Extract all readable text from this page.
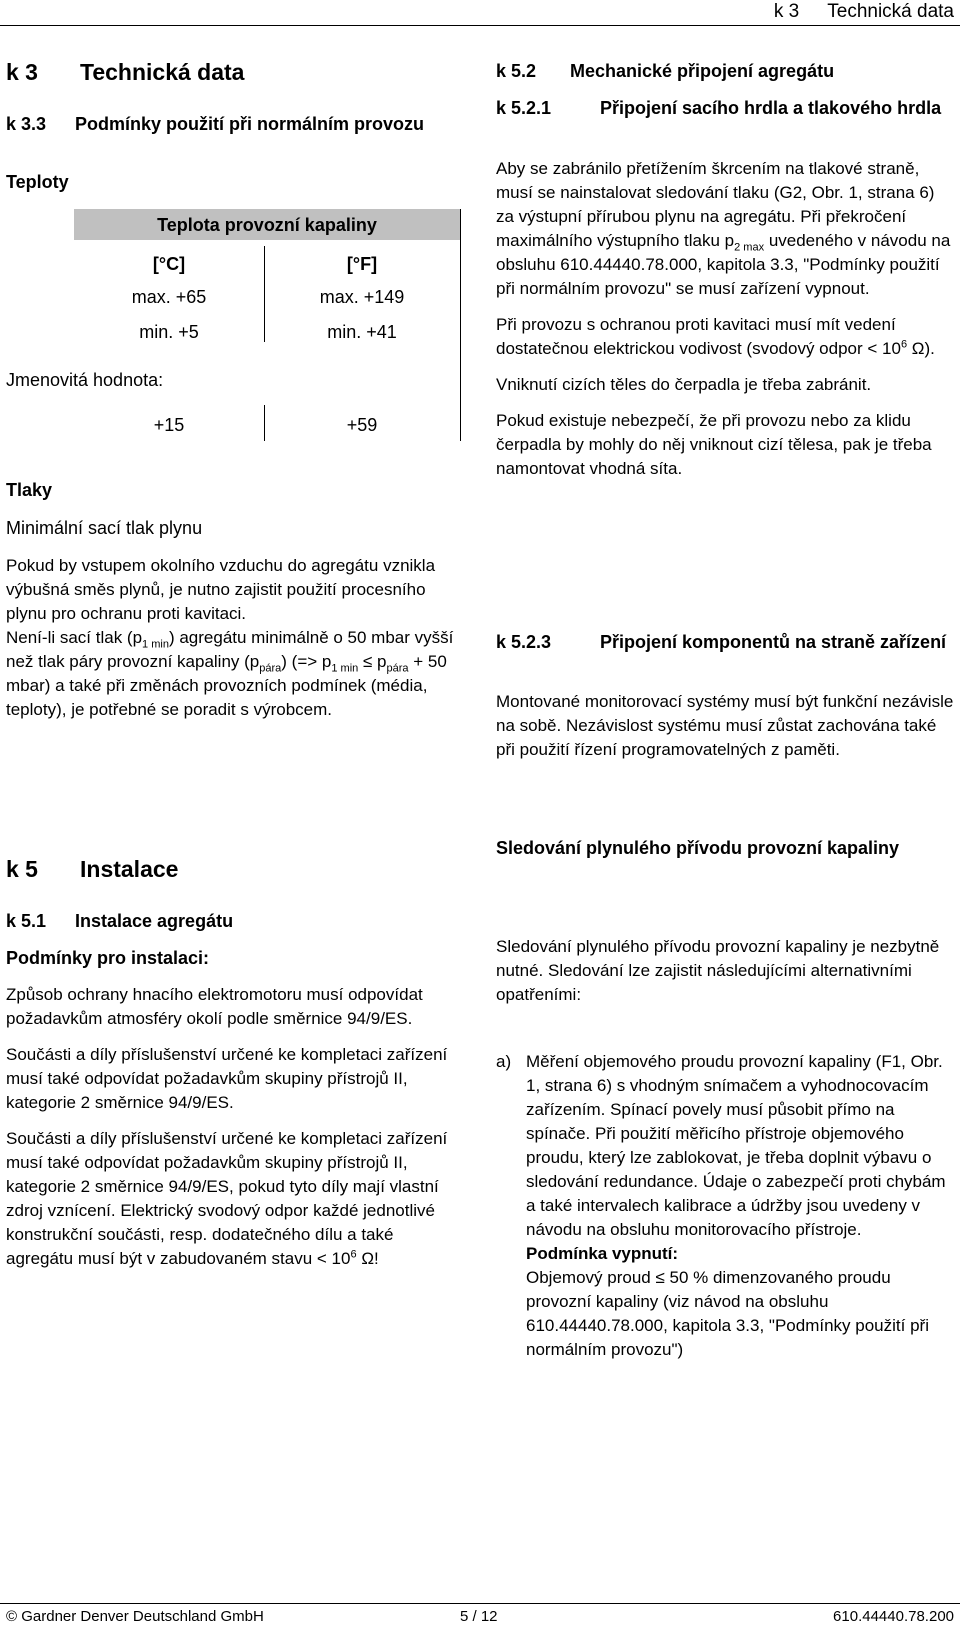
k 3 Technická data
k 3 Technická data
k 3.3 Podmínky použití při normálním provozu
Teploty
Teplota provozní kapaliny
[°C]	[°F]
max. +65	max. +149
min. +5	min. +41
Jmenovitá hodnota:
+15	+59
Tlaky
Minimální sací tlak plynu

Pokud by vstupem okolního vzduchu do agregátu vznikla výbušná směs plynů, je nutno zajistit použití procesního plynu pro ochranu proti kavitaci.

Není-li sací tlak $(p_{1 min})$ agregátu minimálně o 50 mbar vyšší než tlak páry provozní kapaliny $(p_{pára})$ (=> $p_{1 min} \le p_{pára} + 50$ mbar) a také při změnách provozních podmínek (média, teploty), je potřebné se poradit s výrobcem.

k 5 Instalace
k 5.1 Instalace agregátu
Podmínky pro instalaci:

Způsob ochrany hnacího elektromotoru musí odpovídat požadavkům atmosféry okolí podle směrnice 94/9/ES.

Součásti a díly příslušenství určené ke kompletaci zařízení musí také odpovídat požadavkům skupiny přístrojů II, kategorie 2 směrnice 94/9/ES.

Součásti a díly příslušenství určené ke kompletaci zařízení musí také odpovídat požadavkům skupiny přístrojů II, kategorie 2 směrnice 94/9/ES, pokud tyto díly mají vlastní zdroj vznícení. Elektrický svodový odpor každé jednotlivé konstrukční součásti, resp. dodatečného dílu a také agregátu musí být v zabudovaném stavu < $10^6$ Ω!

k 5.2 Mechanické připojení agregátu
k 5.2.1	Připojení sacího hrdla a tlakového hrdla

Aby se zabránilo přetížením škrcením na tlakové straně, musí se nainstalovat sledování tlaku (G2, Obr. 1, strana 6) za výstupní přírubou plynu na agregátu. Při překročení maximálního výstupního tlaku $p_{2 max}$ uvedeného v návodu na obsluhu 610.44440.78.000, kapitola 3.3, "Podmínky použití při normálním provozu" se musí zařízení vypnout.

Při provozu s ochranou proti kavitaci musí mít vedení dostatečnou elektrickou vodivost (svodový odpor < $10^6$ Ω).

Vniknutí cizích těles do čerpadla je třeba zabránit.

Pokud existuje nebezpečí, že při provozu nebo za klidu čerpadla by mohly do něj vniknout cizí tělesa, pak je třeba namontovat vhodná síta.

k 5.2.3	Připojení komponentů na straně zařízení

Montované monitorovací systémy musí být funkční nezávisle na sobě. Nezávislost systému musí zůstat zachována také při použití řízení programovatelných z paměti.

Sledování plynulého přívodu provozní kapaliny

Sledování plynulého přívodu provozní kapaliny je nezbytně nutné. Sledování lze zajistit následujícími alternativními opatřeními:

a) Měření objemového proudu provozní kapaliny (F1, Obr. 1, strana 6) s vhodným snímačem a vyhodnocovacím zařízením. Spínací povely musí působit přímo na spínače. Při použití měřicího přístroje objemového proudu, který lze zablokovat, je třeba doplnit výbavu o sledování redundance. Údaje o zabezpečí proti chybám a také intervalech kalibrace a údržby jsou uvedeny v návodu na obsluhu monitorovacího přístroje.

Podmínka vypnutí:

Objemový proud ≤ 50 % dimenzovaného proudu provozní kapaliny (viz návod na obsluhu 610.44440.78.000, kapitola 3.3, "Podmínky použití při normálním provozu")

© Gardner Denver Deutschland GmbH	5 / 12	610.44440.78.200
